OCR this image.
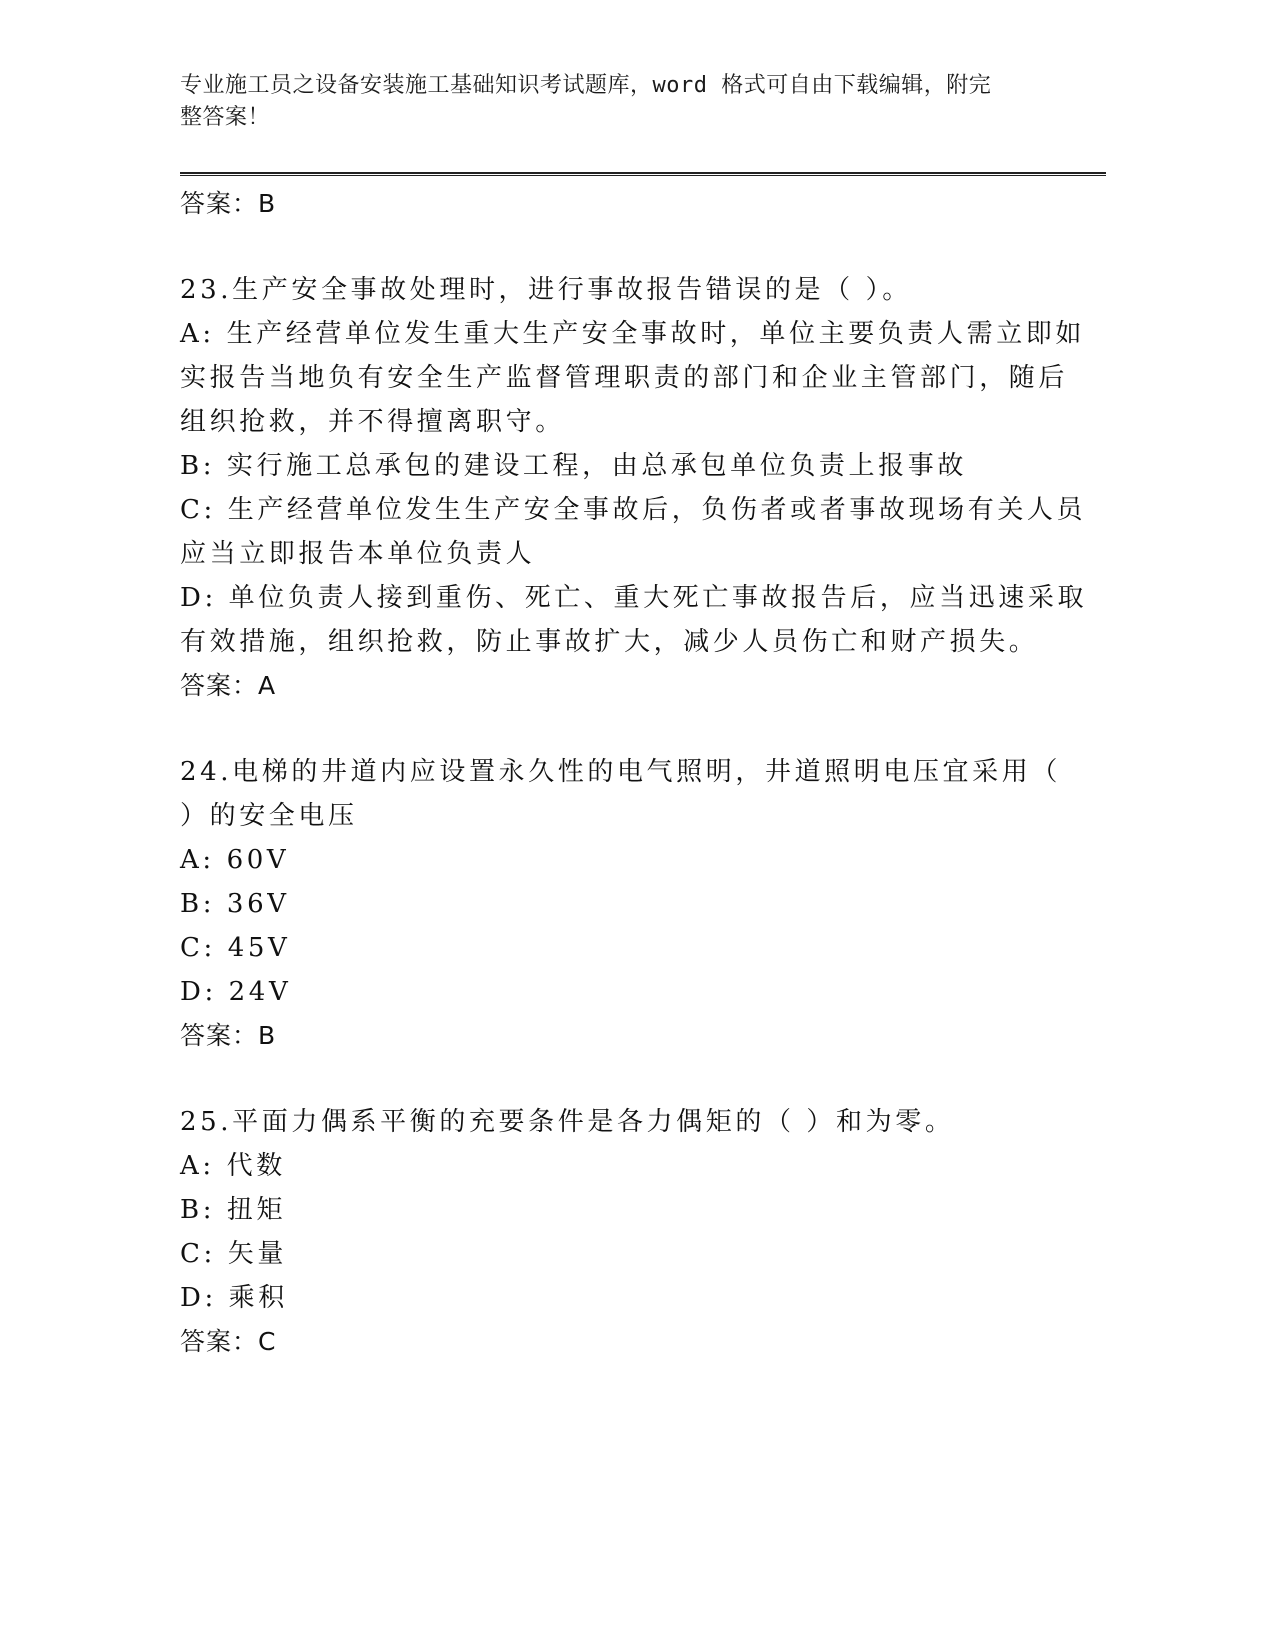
专业施工员之设备安装施工基础知识考试题库，word 格式可自由下载编辑，附完
整答案！

答案：B

23.生产安全事故处理时，进行事故报告错误的是（ ）。

A: 生产经营单位发生重大生产安全事故时，单位主要负责人需立即如

实报告当地负有安全生产监督管理职责的部门和企业主管部门，随后

组织抢救，并不得擅离职守。

B: 实行施工总承包的建设工程，由总承包单位负责上报事故

C: 生产经营单位发生生产安全事故后，负伤者或者事故现场有关人员

应当立即报告本单位负责人

D: 单位负责人接到重伤、死亡、重大死亡事故报告后，应当迅速采取

有效措施，组织抢救，防止事故扩大，减少人员伤亡和财产损失。

答案：A

24.电梯的井道内应设置永久性的电气照明，井道照明电压宜采用（

）的安全电压

A: 60V

B: 36V

C: 45V

D: 24V

答案：B

25.平面力偶系平衡的充要条件是各力偶矩的（ ）和为零。

A: 代数

B: 扭矩

C: 矢量

D: 乘积

答案：C
